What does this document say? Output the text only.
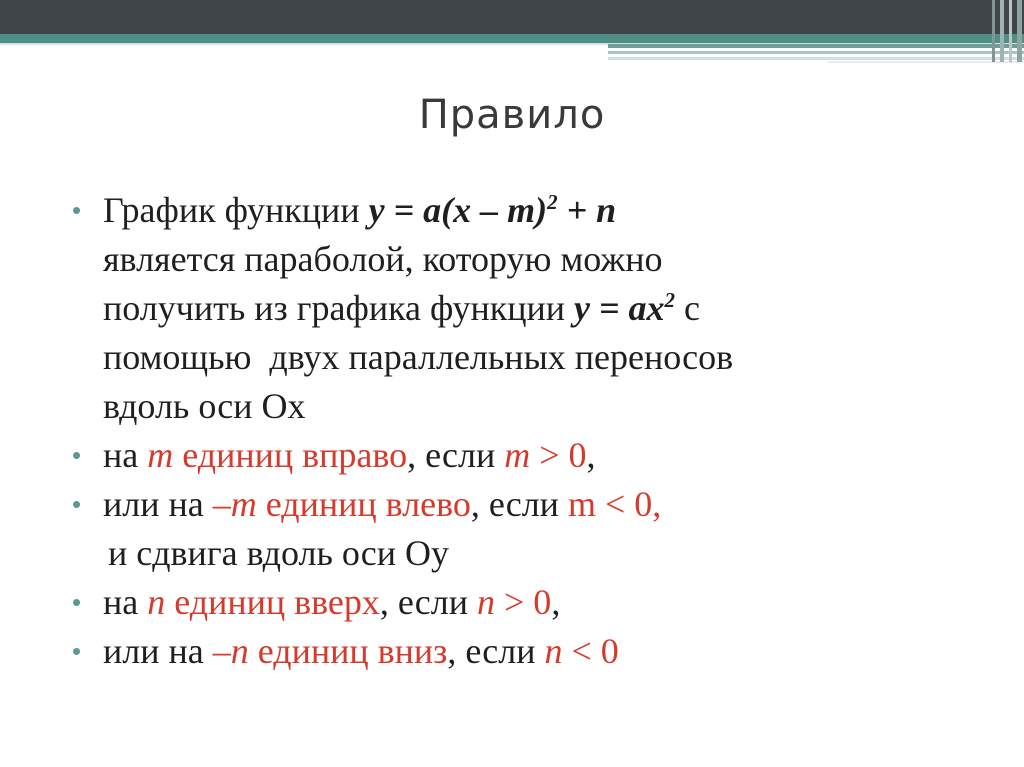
Правило
• График функции y = a(x – m)$^2$ + n
является параболой, которую можно
получить из графика функции $y = ax^2$ с
помощью  двух параллельных переносов
вдоль оси Ох
• на m единиц вправо, если m > 0,
• или на –m единиц влево, если m < 0,
и сдвига вдоль оси Оу
• на n единиц вверх, если n > 0,
• или на –n единиц вниз, если n < 0
